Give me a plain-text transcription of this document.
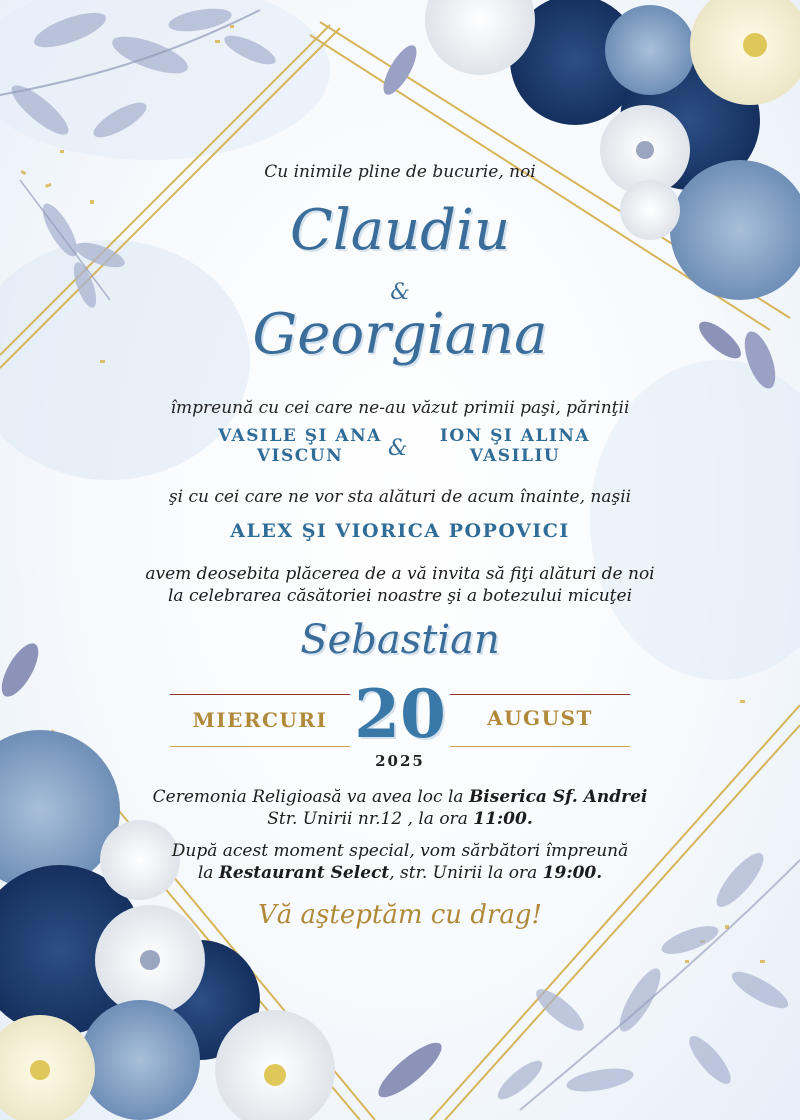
Cu inimile pline de bucurie, noi
Claudiu
&
Georgiana
împreună cu cei care ne-au văzut primii paşi, părinţii
VASILE ŞI ANA
VISCUN	&	ION ŞI ALINA
VASILIU
şi cu cei care ne vor sta alături de acum înainte, naşii
ALEX ŞI VIORICA POPOVICI
avem deosebita plăcerea de a vă invita să fiţi alături de noi
la celebrarea căsătoriei noastre şi a botezului micuţei
Sebastian
MIERCURI 20	AUGUST
2025
Ceremonia Religioasă va avea loc la Biserica Sf. Andrei
Str. Unirii nr.12 , la ora 11:00.
După acest moment special, vom sărbători împreună
la Restaurant Select, str. Unirii la ora 19:00.
Vă aşteptăm cu drag!
